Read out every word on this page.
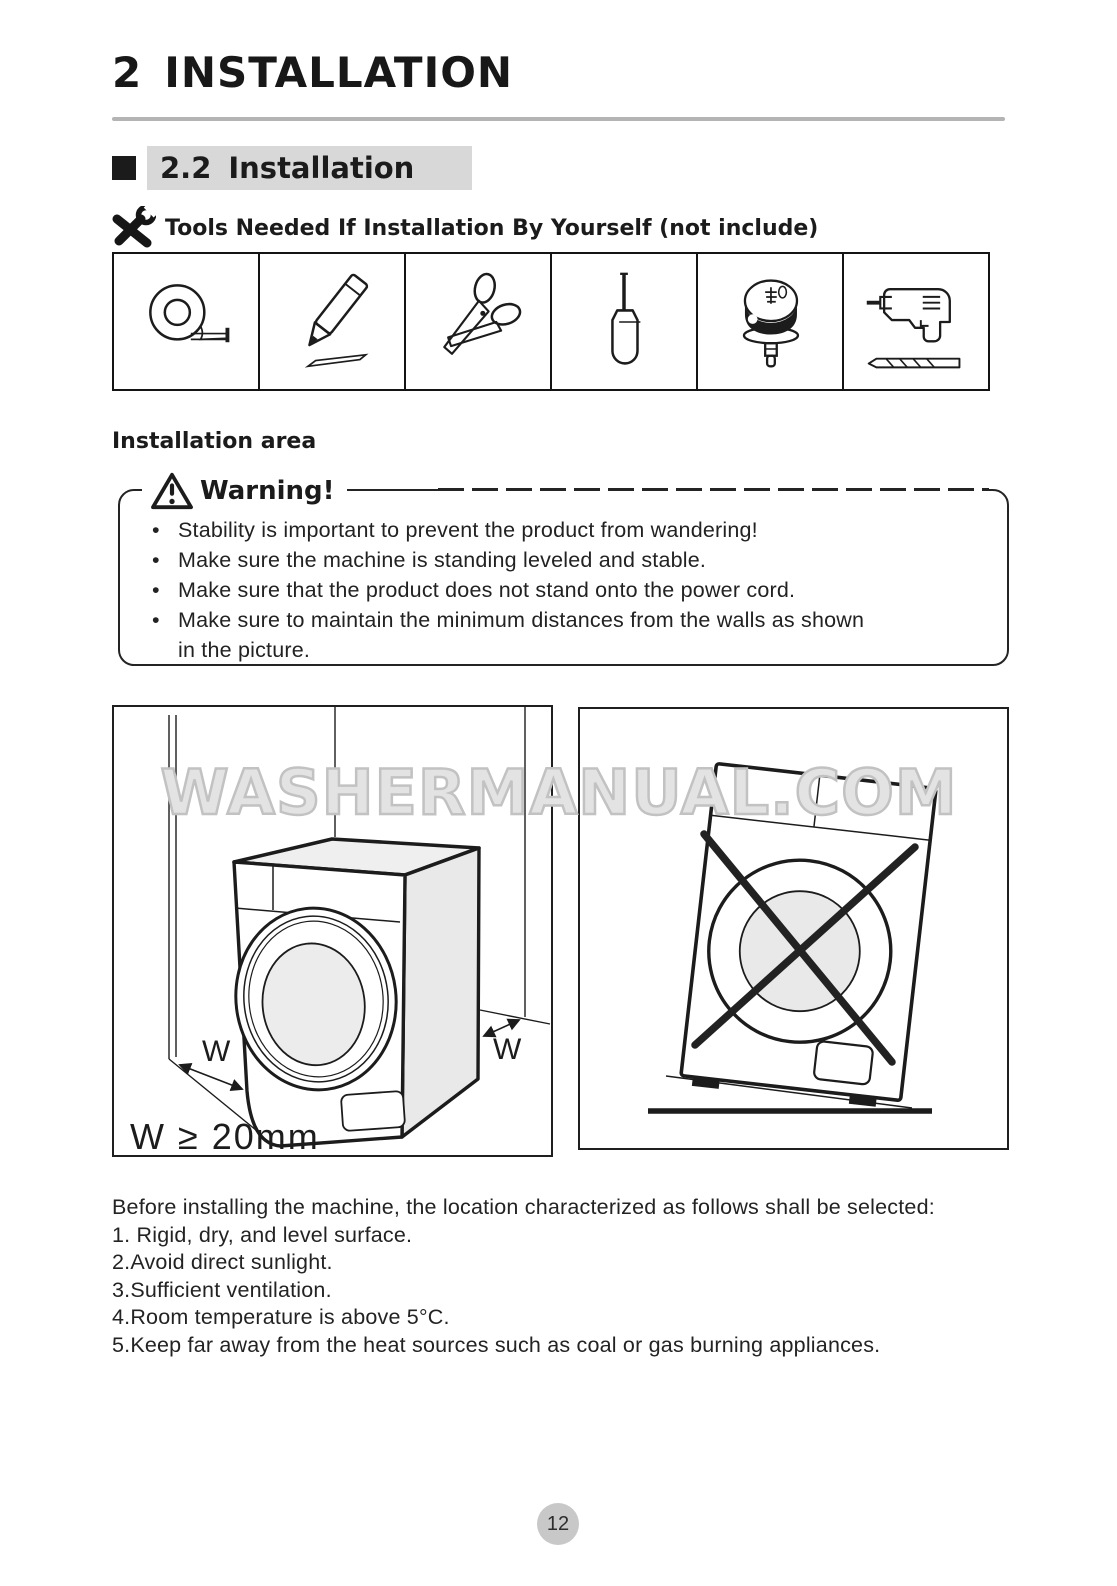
2 INSTALLATION
2.2 Installation
Tools Needed If Installation By Yourself (not include)
Installation area
Warning!
• Stability is important to prevent the product from wandering!
• Make sure the machine is standing leveled and stable.
• Make sure that the product does not stand onto the power cord.
• Make sure to maintain the minimum distances from the walls as shown in the picture.
W	W
W ≥ 20mm
WASHERMANUAL.COM

Before installing the machine, the location characterized as follows shall be selected:

1. Rigid, dry, and level surface.

2.Avoid direct sunlight.

3.Sufficient ventilation.

4.Room temperature is above 5°C.

5.Keep far away from the heat sources such as coal or gas burning appliances.

12
